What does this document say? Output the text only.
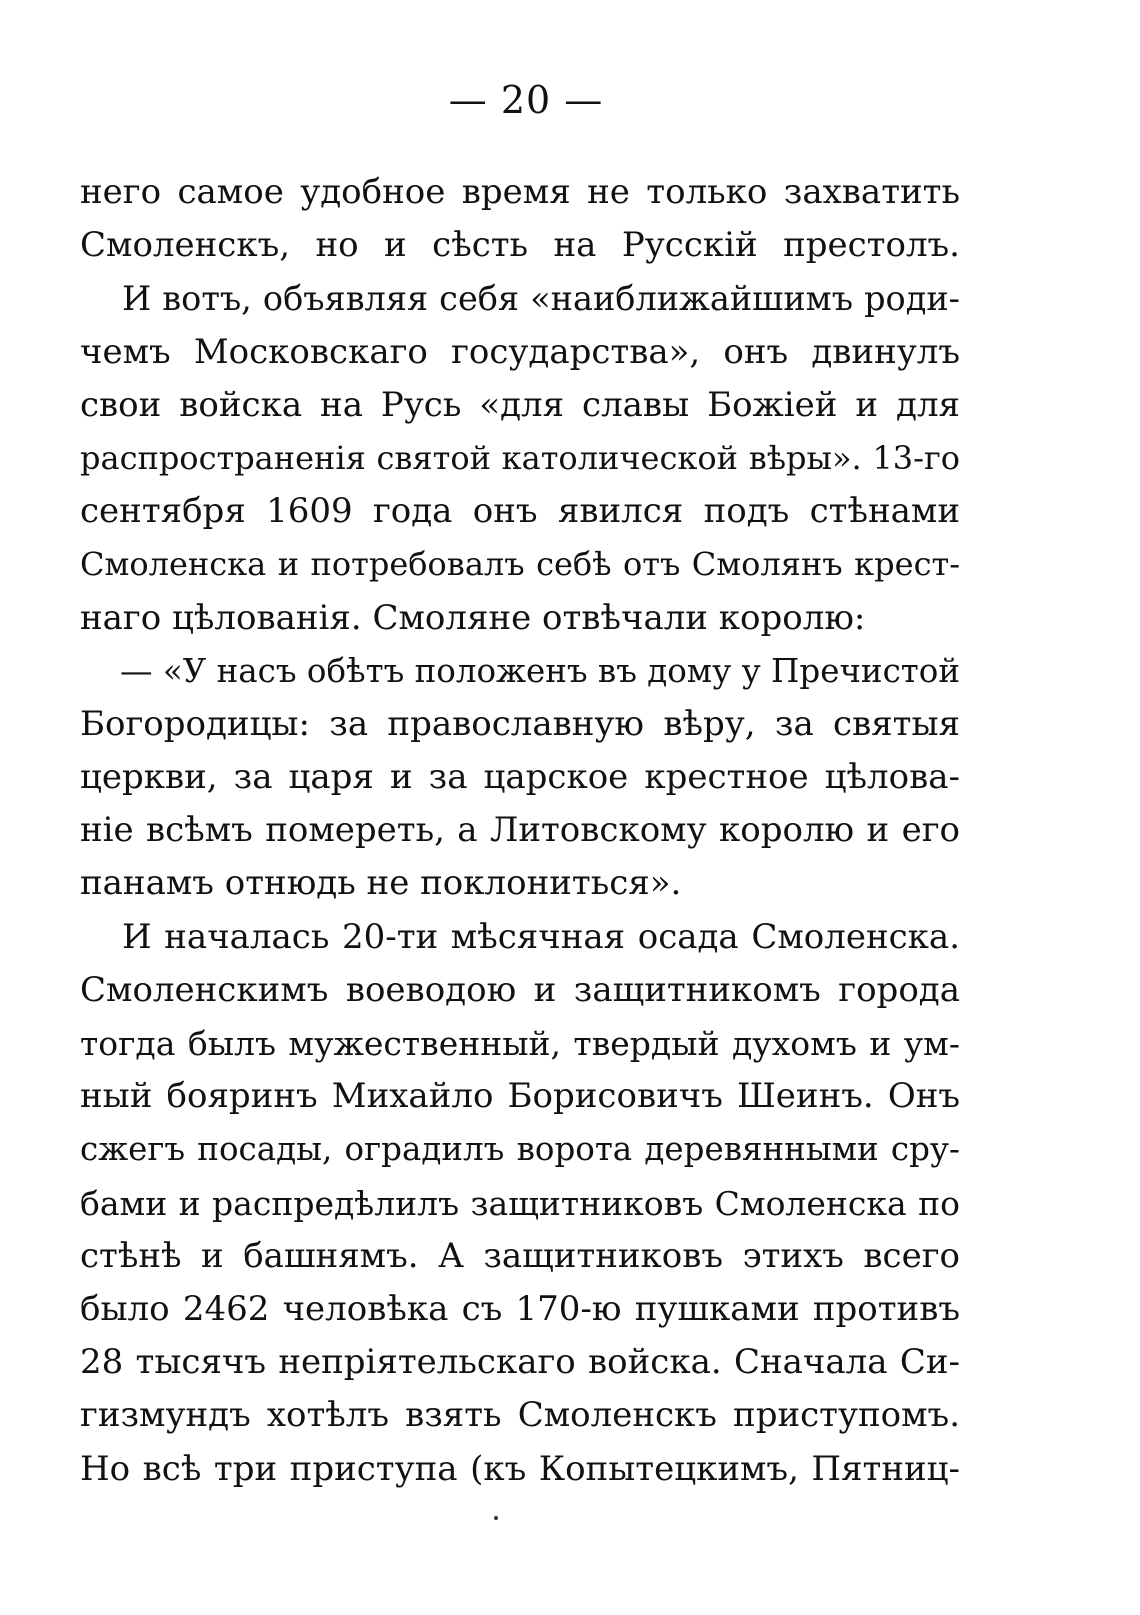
— 20 —
него самое удобное время не только захватить
Смоленскъ, но и сѣсть на Русскій престолъ.
И вотъ, объявляя себя «наиближайшимъ роди-
чемъ Московскаго государства», онъ двинулъ
свои войска на Русь «для славы Божіей и для
распространенія святой католической вѣры». 13-го
сентября 1609 года онъ явился подъ стѣнами
Смоленска и потребовалъ себѣ отъ Смолянъ крест-
наго цѣлованія. Смоляне отвѣчали королю:
— «У насъ обѣтъ положенъ въ дому у Пречистой
Богородицы: за православную вѣру, за святыя
церкви, за царя и за царское крестное цѣлова-
ніе всѣмъ помереть, а Литовскому королю и его
панамъ отнюдь не поклониться».
И началась 20-ти мѣсячная осада Смоленска.
Смоленскимъ воеводою и защитникомъ города
тогда былъ мужественный, твердый духомъ и ум-
ный бояринъ Михайло Борисовичъ Шеинъ. Онъ
сжегъ посады, оградилъ ворота деревянными сру-
бами и распредѣлилъ защитниковъ Смоленска по
стѣнѣ и башнямъ. А защитниковъ этихъ всего
было 2462 человѣка съ 170-ю пушками противъ
28 тысячъ непріятельскаго войска. Сначала Си-
гизмундъ хотѣлъ взять Смоленскъ приступомъ.
Но всѣ три приступа (къ Копытецкимъ, Пятниц-
